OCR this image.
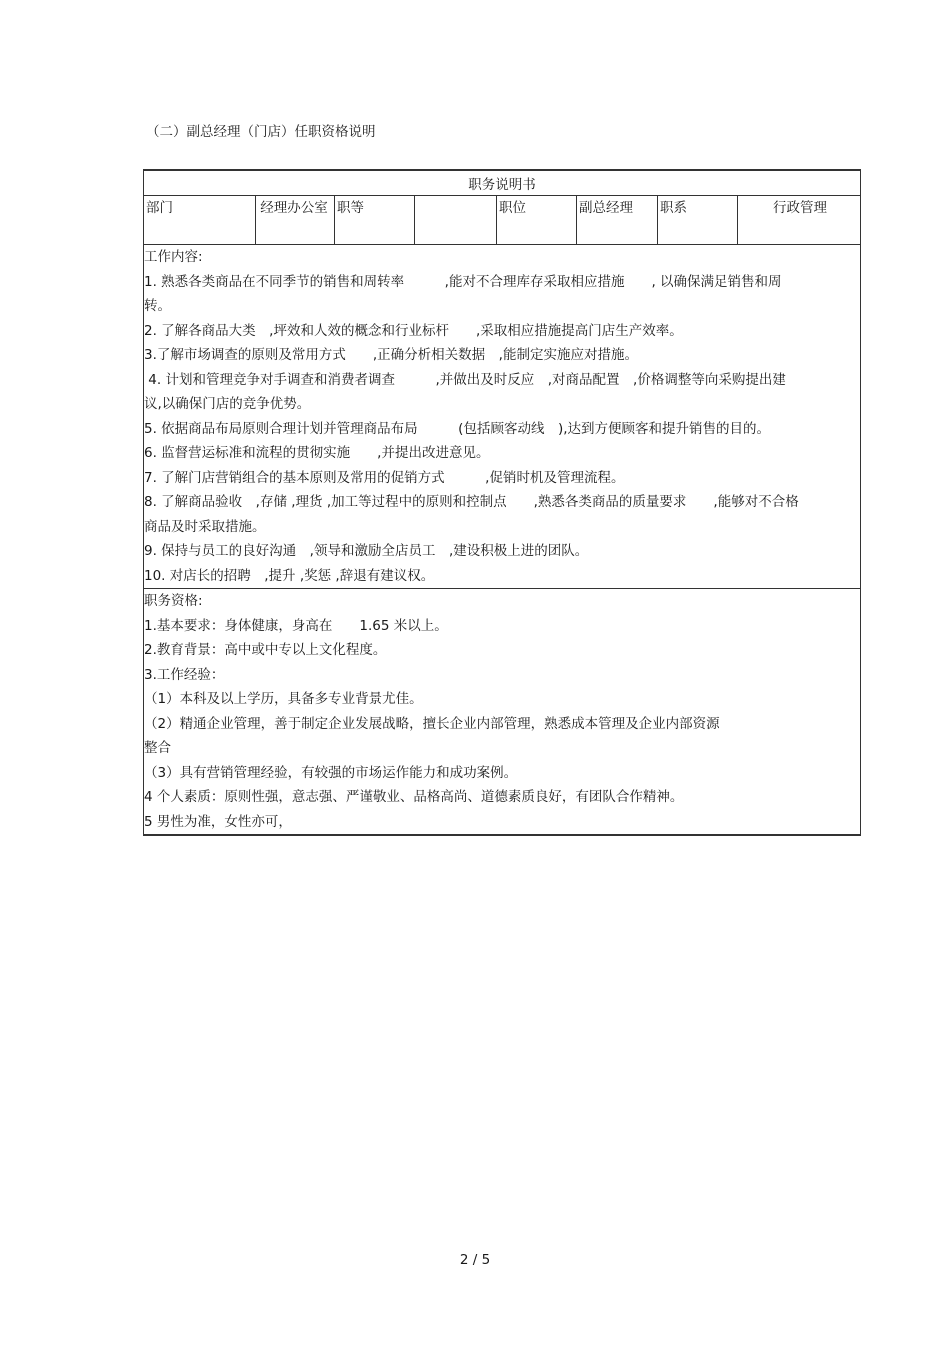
（二）副总经理（门店）任职资格说明
职务说明书
部门	经理办公室	职等		职位	副总经理	职系	行政管理

工作内容:
1. 熟悉各类商品在不同季节的销售和周转率　　　,能对不合理库存采取相应措施　　, 以确保满足销售和周
转。
2. 了解各商品大类　,坪效和人效的概念和行业标杆　　,采取相应措施提高门店生产效率。
3.了解市场调查的原则及常用方式　　,正确分析相关数据　,能制定实施应对措施。
4. 计划和管理竞争对手调查和消费者调查　　　,并做出及时反应　,对商品配置　,价格调整等向采购提出建
议,以确保门店的竞争优势。
5. 依据商品布局原则合理计划并管理商品布局　　　(包括顾客动线　),达到方便顾客和提升销售的目的。
6. 监督营运标准和流程的贯彻实施　　,并提出改进意见。
7. 了解门店营销组合的基本原则及常用的促销方式　　　,促销时机及管理流程。
8. 了解商品验收　,存储 ,理货 ,加工等过程中的原则和控制点　　,熟悉各类商品的质量要求　　,能够对不合格
商品及时采取措施。
9. 保持与员工的良好沟通　,领导和激励全店员工　,建设积极上进的团队。
10. 对店长的招聘　,提升 ,奖惩 ,辞退有建议权。

职务资格:
1.基本要求：身体健康，身高在　　1.65 米以上。
2.教育背景：高中或中专以上文化程度。
3.工作经验：
（1）本科及以上学历，具备多专业背景尤佳。
（2）精通企业管理，善于制定企业发展战略，擅长企业内部管理，熟悉成本管理及企业内部资源
整合
（3）具有营销管理经验，有较强的市场运作能力和成功案例。
4 个人素质：原则性强，意志强、严谨敬业、品格高尚、道德素质良好，有团队合作精神。
5 男性为准，女性亦可，
2 / 5
